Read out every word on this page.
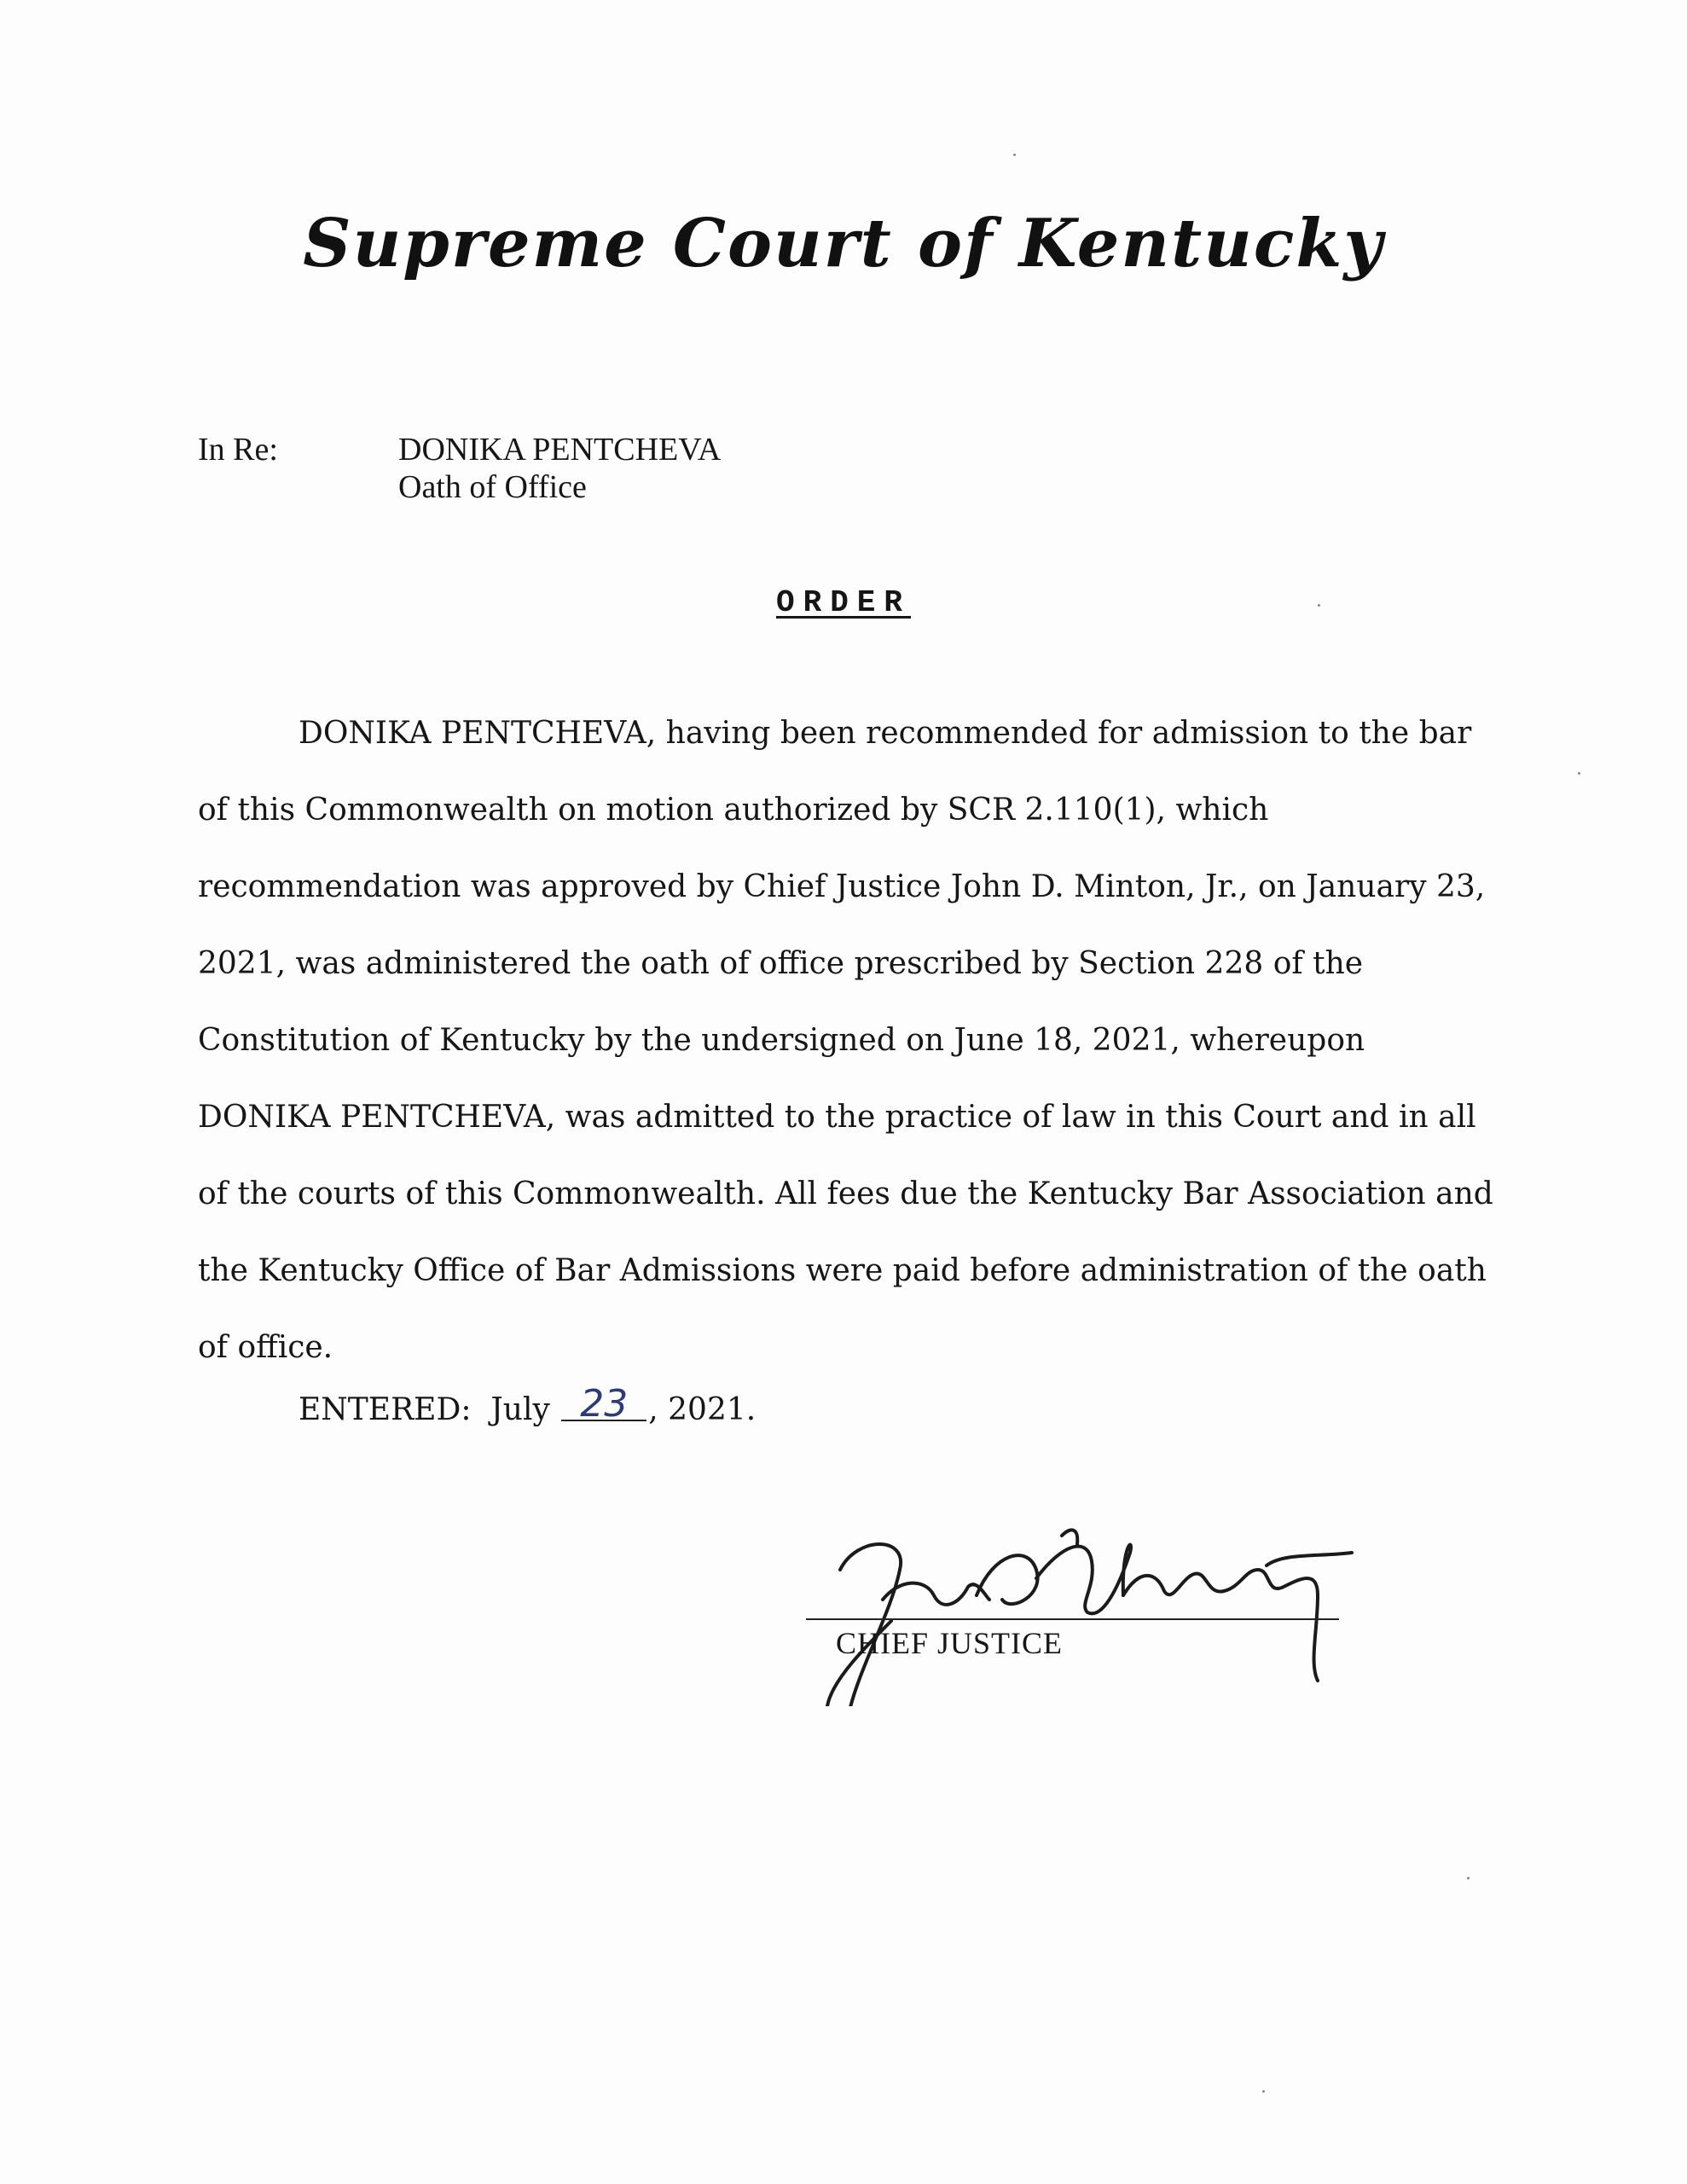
Supreme Court of Kentucky
In Re:	DONIKA PENTCHEVA
Oath of Office
ORDER

DONIKA PENTCHEVA, having been recommended for admission to the bar of this Commonwealth on motion authorized by SCR 2.110(1), which recommendation was approved by Chief Justice John D. Minton, Jr., on January 23, 2021, was administered the oath of office prescribed by Section 228 of the Constitution of Kentucky by the undersigned on June 18, 2021, whereupon DONIKA PENTCHEVA, was admitted to the practice of law in this Court and in all of the courts of this Commonwealth. All fees due the Kentucky Bar Association and the Kentucky Office of Bar Admissions were paid before administration of the oath of office.

ENTERED: July 23 , 2021.
CHIEF JUSTICE
